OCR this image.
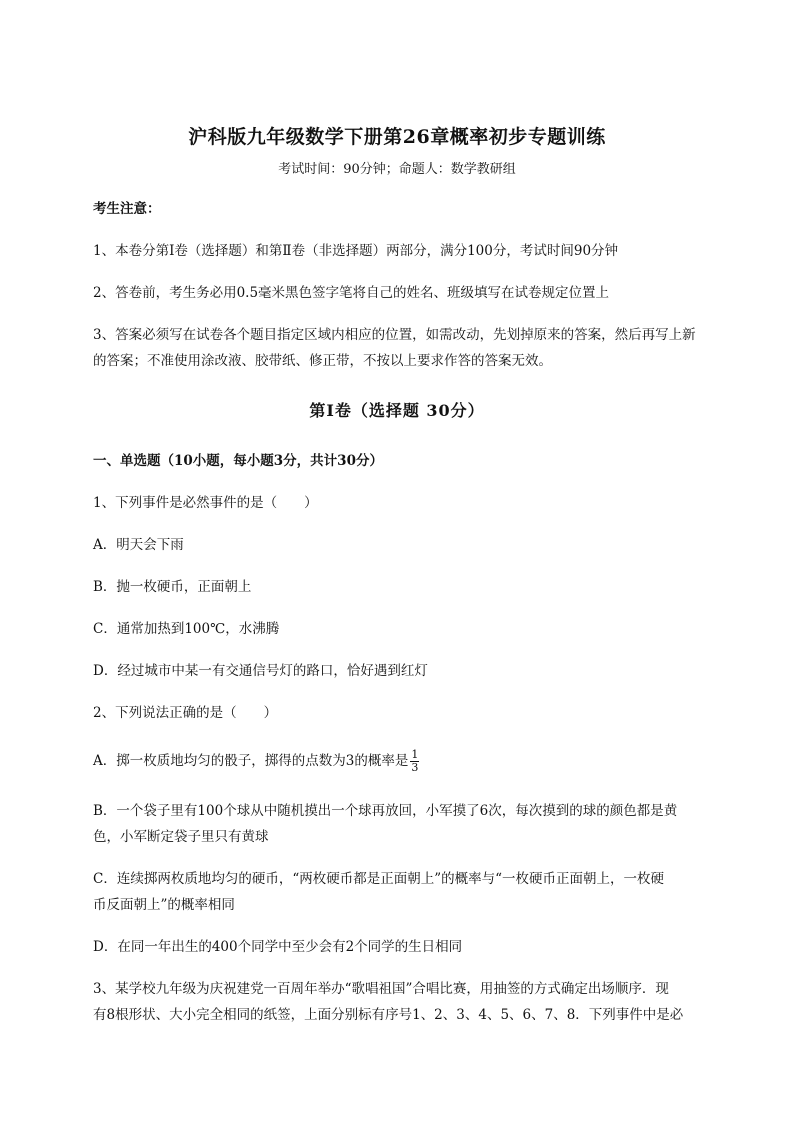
沪科版九年级数学下册第26章概率初步专题训练
考试时间：90分钟；命题人：数学教研组
考生注意：
1、本卷分第I卷（选择题）和第Ⅱ卷（非选择题）两部分，满分100分，考试时间90分钟
2、答卷前，考生务必用0.5毫米黑色签字笔将自己的姓名、班级填写在试卷规定位置上
3、答案必须写在试卷各个题目指定区域内相应的位置，如需改动，先划掉原来的答案，然后再写上新
的答案；不准使用涂改液、胶带纸、修正带，不按以上要求作答的答案无效。
第I卷（选择题 30分）
一、单选题（10小题，每小题3分，共计30分）
1、下列事件是必然事件的是（　　）
A．明天会下雨
B．抛一枚硬币，正面朝上
C．通常加热到100℃，水沸腾
D．经过城市中某一有交通信号灯的路口，恰好遇到红灯
2、下列说法正确的是（　　）
A．掷一枚质地均匀的骰子，掷得的点数为3的概率是 $\frac{1}{3}$
B．一个袋子里有100个球从中随机摸出一个球再放回，小军摸了6次，每次摸到的球的颜色都是黄
色，小军断定袋子里只有黄球
C．连续掷两枚质地均匀的硬币，“两枚硬币都是正面朝上”的概率与“一枚硬币正面朝上，一枚硬
币反面朝上”的概率相同
D．在同一年出生的400个同学中至少会有2个同学的生日相同
3、某学校九年级为庆祝建党一百周年举办“歌唱祖国”合唱比赛，用抽签的方式确定出场顺序．现
有8根形状、大小完全相同的纸签，上面分别标有序号1、2、3、4、5、6、7、8．下列事件中是必
